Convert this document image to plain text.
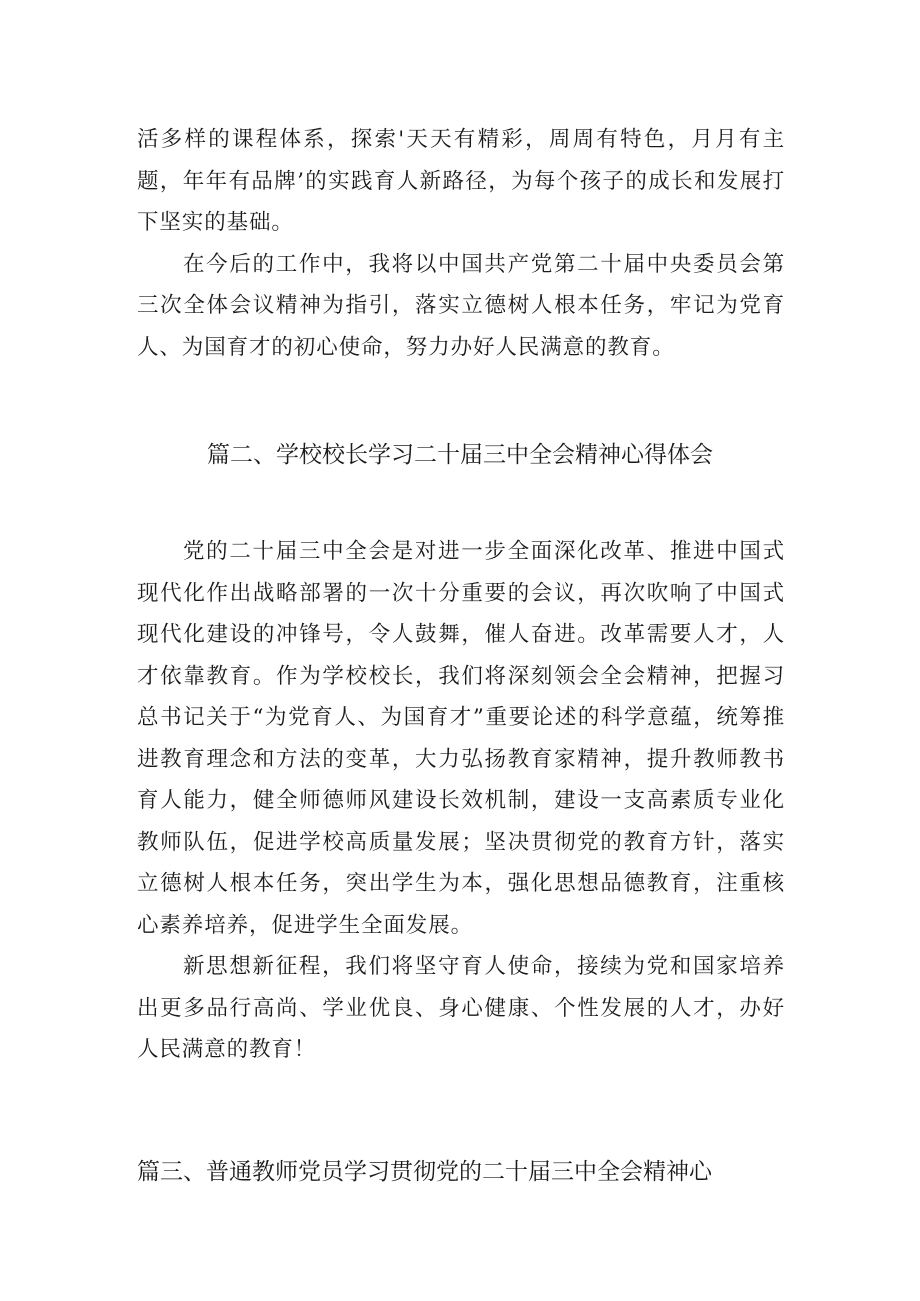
活多样的课程体系，探索'天天有精彩，周周有特色，月月有主题，年年有品牌’的实践育人新路径，为每个孩子的成长和发展打下坚实的基础。

在今后的工作中，我将以中国共产党第二十届中央委员会第三次全体会议精神为指引，落实立德树人根本任务，牢记为党育人、为国育才的初心使命，努力办好人民满意的教育。

篇二、学校校长学习二十届三中全会精神心得体会

党的二十届三中全会是对进一步全面深化改革、推进中国式现代化作出战略部署的一次十分重要的会议，再次吹响了中国式现代化建设的冲锋号，令人鼓舞，催人奋进。改革需要人才，人才依靠教育。作为学校校长，我们将深刻领会全会精神，把握习总书记关于“为党育人、为国育才”重要论述的科学意蕴，统筹推进教育理念和方法的变革，大力弘扬教育家精神，提升教师教书育人能力，健全师德师风建设长效机制，建设一支高素质专业化教师队伍，促进学校高质量发展；坚决贯彻党的教育方针，落实立德树人根本任务，突出学生为本，强化思想品德教育，注重核心素养培养，促进学生全面发展。

新思想新征程，我们将坚守育人使命，接续为党和国家培养出更多品行高尚、学业优良、身心健康、个性发展的人才，办好人民满意的教育！

篇三、普通教师党员学习贯彻党的二十届三中全会精神心
